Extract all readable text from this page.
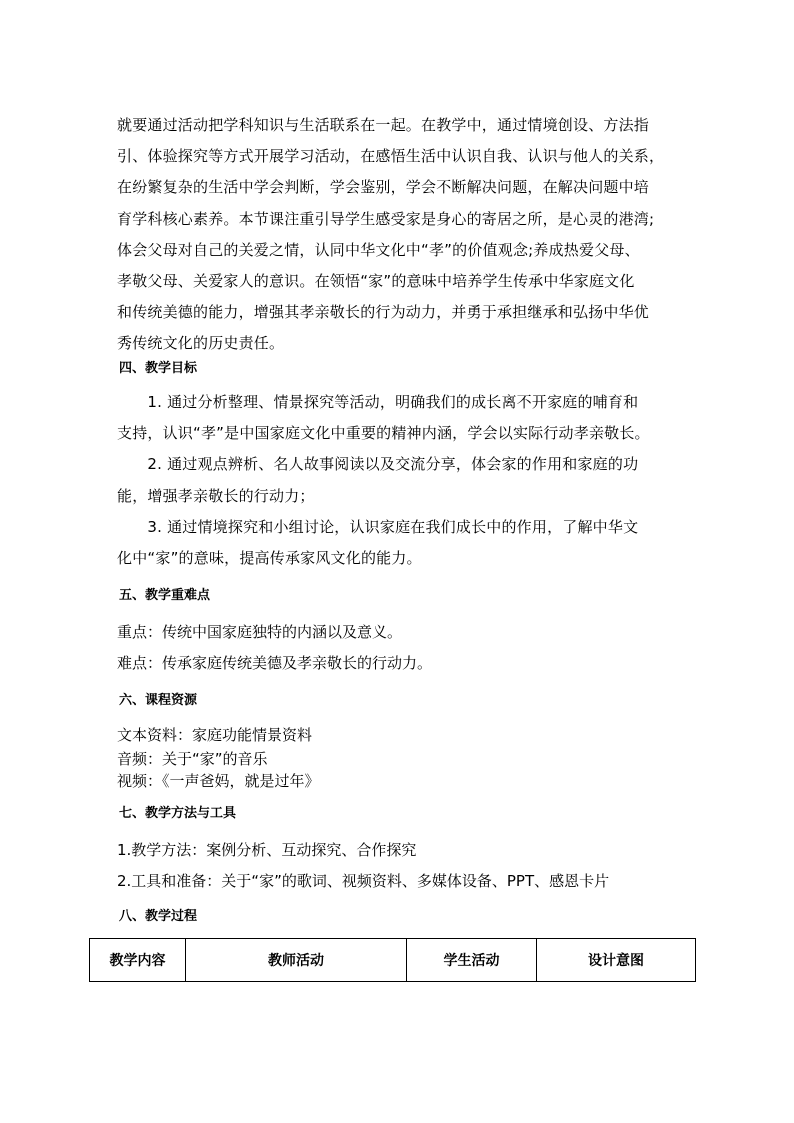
就要通过活动把学科知识与生活联系在一起。在教学中，通过情境创设、方法指
引、体验探究等方式开展学习活动，在感悟生活中认识自我、认识与他人的关系，
在纷繁复杂的生活中学会判断，学会鉴别，学会不断解决问题，在解决问题中培
育学科核心素养。本节课注重引导学生感受家是身心的寄居之所，是心灵的港湾;
体会父母对自己的关爱之情，认同中华文化中“孝”的价值观念;养成热爱父母、
孝敬父母、关爱家人的意识。在领悟“家”的意味中培养学生传承中华家庭文化
和传统美德的能力，增强其孝亲敬长的行为动力，并勇于承担继承和弘扬中华优
秀传统文化的历史责任。
四、教学目标
　　1. 通过分析整理、情景探究等活动，明确我们的成长离不开家庭的哺育和
支持，认识“孝”是中国家庭文化中重要的精神内涵，学会以实际行动孝亲敬长。
　　2. 通过观点辨析、名人故事阅读以及交流分享，体会家的作用和家庭的功
能，增强孝亲敬长的行动力；
　　3. 通过情境探究和小组讨论，认识家庭在我们成长中的作用，了解中华文
化中“家”的意味，提高传承家风文化的能力。
五、教学重难点
重点：传统中国家庭独特的内涵以及意义。
难点：传承家庭传统美德及孝亲敬长的行动力。
六、课程资源
文本资料：家庭功能情景资料
音频：关于“家”的音乐
视频：《一声爸妈，就是过年》
七、教学方法与工具
1.教学方法：案例分析、互动探究、合作探究
2.工具和准备：关于“家”的歌词、视频资料、多媒体设备、PPT、感恩卡片
八、教学过程
教学内容	教师活动	学生活动	设计意图
